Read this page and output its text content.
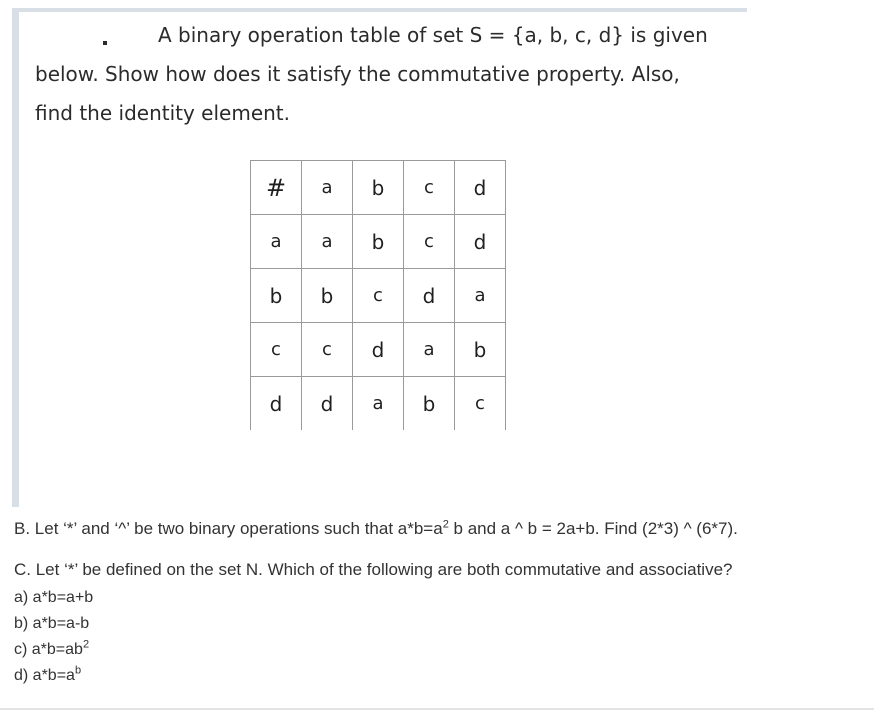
A binary operation table of set S = {a, b, c, d} is given
below. Show how does it satisfy the commutative property. Also,
find the identity element.
#	a	b	c	d
a	a	b	c	d
b	b	c	d	a
c	c	d	a	b
d	d	a	b	c
B. Let ‘*’ and ‘^’ be two binary operations such that $a*b=a^2$ b and a ^ b = 2a+b. Find (2*3) ^ (6*7).
C. Let ‘*’ be defined on the set N. Which of the following are both commutative and associative?
a) a*b=a+b
b) a*b=a-b
c) $a*b=ab^2$
d) $a*b=a^b$
